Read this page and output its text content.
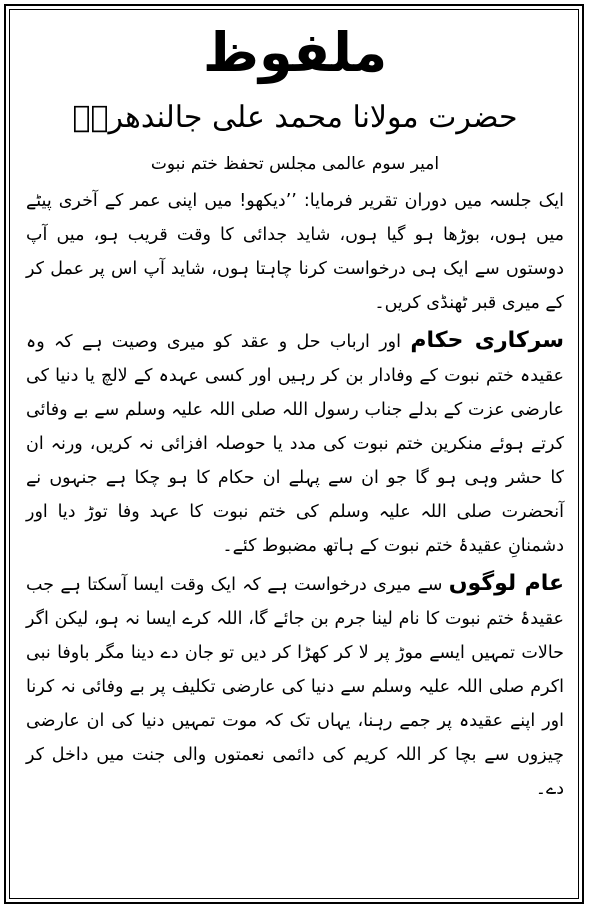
ملفوظ
حضرت مولانا محمد علی جالندھریؒ
امیر سوم عالمی مجلس تحفظ ختم نبوت

ایک جلسہ میں دوران تقریر فرمایا: ’’دیکھو! میں اپنی عمر کے آخری پیٹے میں ہوں، بوڑھا ہو گیا ہوں، شاید جدائی کا وقت قریب ہو، میں آپ دوستوں سے ایک ہی درخواست کرنا چاہتا ہوں، شاید آپ اس پر عمل کر کے میری قبر ٹھنڈی کریں۔

سرکاری حکام اور ارباب حل و عقد کو میری وصیت ہے کہ وہ عقیدہ ختم نبوت کے وفادار بن کر رہیں اور کسی عہدہ کے لالچ یا دنیا کی عارضی عزت کے بدلے جناب رسول اللہ صلی اللہ علیہ وسلم سے بے وفائی کرتے ہوئے منکرین ختم نبوت کی مدد یا حوصلہ افزائی نہ کریں، ورنہ ان کا حشر وہی ہو گا جو ان سے پہلے ان حکام کا ہو چکا ہے جنہوں نے آنحضرت صلی اللہ علیہ وسلم کی ختم نبوت کا عہد وفا توڑ دیا اور دشمنانِ عقیدۂ ختم نبوت کے ہاتھ مضبوط کئے۔

عام لوگوں سے میری درخواست ہے کہ ایک وقت ایسا آسکتا ہے جب عقیدۂ ختم نبوت کا نام لینا جرم بن جائے گا، اللہ کرے ایسا نہ ہو، لیکن اگر حالات تمہیں ایسے موڑ پر لا کر کھڑا کر دیں تو جان دے دینا مگر باوفا نبی اکرم صلی اللہ علیہ وسلم سے دنیا کی عارضی تکلیف پر بے وفائی نہ کرنا اور اپنے عقیدہ پر جمے رہنا، یہاں تک کہ موت تمہیں دنیا کی ان عارضی چیزوں سے بچا کر اللہ کریم کی دائمی نعمتوں والی جنت میں داخل کر دے۔
